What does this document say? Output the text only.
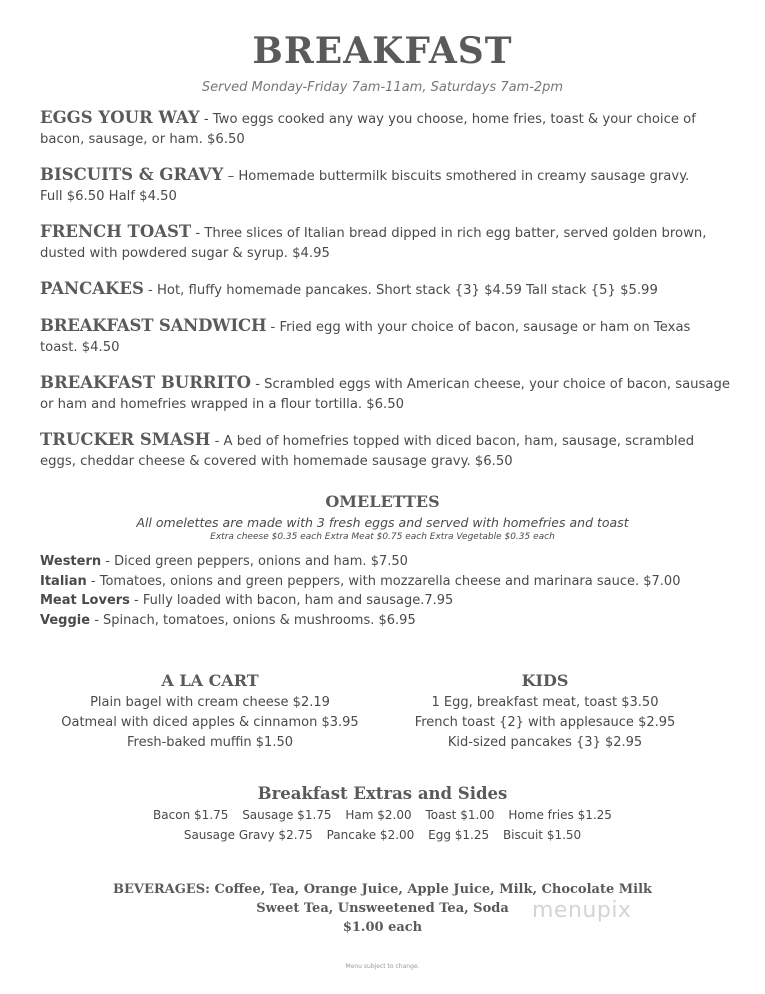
BREAKFAST
Served Monday-Friday 7am-11am, Saturdays 7am-2pm
EGGS YOUR WAY - Two eggs cooked any way you choose, home fries, toast & your choice of bacon, sausage, or ham. $6.50
BISCUITS & GRAVY – Homemade buttermilk biscuits smothered in creamy sausage gravy.
Full $6.50 Half $4.50
FRENCH TOAST - Three slices of Italian bread dipped in rich egg batter, served golden brown, dusted with powdered sugar & syrup. $4.95
PANCAKES - Hot, fluffy homemade pancakes. Short stack {3} $4.59 Tall stack {5} $5.99
BREAKFAST SANDWICH - Fried egg with your choice of bacon, sausage or ham on Texas toast. $4.50
BREAKFAST BURRITO - Scrambled eggs with American cheese, your choice of bacon, sausage or ham and homefries wrapped in a flour tortilla. $6.50
TRUCKER SMASH - A bed of homefries topped with diced bacon, ham, sausage, scrambled eggs, cheddar cheese & covered with homemade sausage gravy. $6.50
OMELETTES
All omelettes are made with 3 fresh eggs and served with homefries and toast
Extra cheese $0.35 each Extra Meat $0.75 each Extra Vegetable $0.35 each
Western - Diced green peppers, onions and ham. $7.50
Italian - Tomatoes, onions and green peppers, with mozzarella cheese and marinara sauce. $7.00
Meat Lovers - Fully loaded with bacon, ham and sausage.7.95
Veggie - Spinach, tomatoes, onions & mushrooms. $6.95
A LA CART
Plain bagel with cream cheese $2.19
Oatmeal with diced apples & cinnamon $3.95
Fresh-baked muffin $1.50
KIDS
1 Egg, breakfast meat, toast $3.50
French toast {2} with applesauce $2.95
Kid-sized pancakes {3} $2.95
Breakfast Extras and Sides
Bacon $1.75 Sausage $1.75 Ham $2.00 Toast $1.00 Home fries $1.25
Sausage Gravy $2.75 Pancake $2.00 Egg $1.25 Biscuit $1.50
BEVERAGES: Coffee, Tea, Orange Juice, Apple Juice, Milk, Chocolate Milk
Sweet Tea, Unsweetened Tea, Soda
$1.00 each
menupix
Menu subject to change.
